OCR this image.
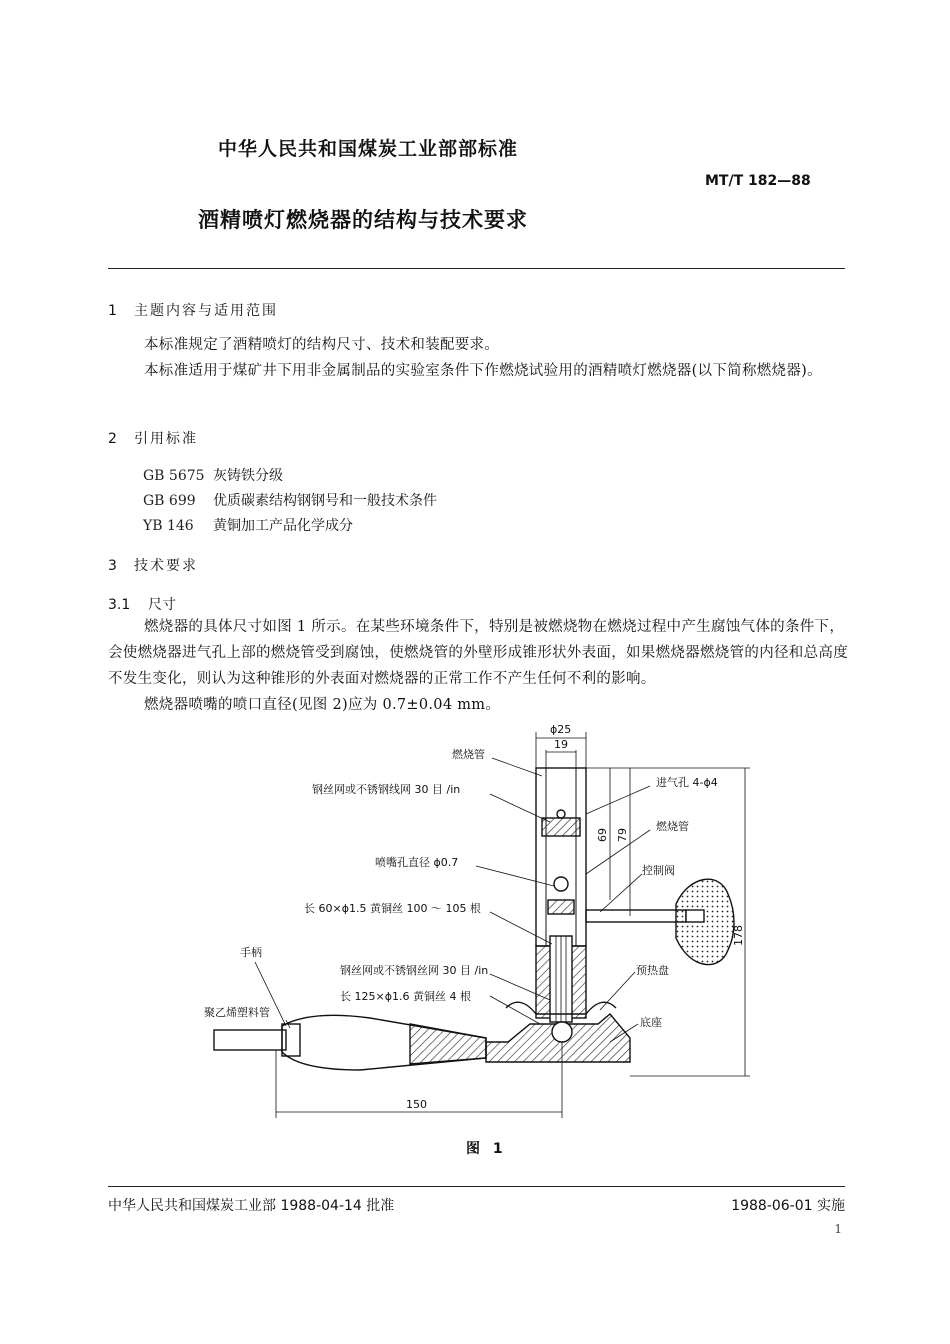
中华人民共和国煤炭工业部部标准
MT/T 182—88
酒精喷灯燃烧器的结构与技术要求
1 主题内容与适用范围
本标准规定了酒精喷灯的结构尺寸、技术和装配要求。
本标准适用于煤矿井下用非金属制品的实验室条件下作燃烧试验用的酒精喷灯燃烧器(以下简称燃烧器)。
2 引用标准
GB 5675 灰铸铁分级
GB 699 优质碳素结构钢钢号和一般技术条件
YB 146 黄铜加工产品化学成分
3 技术要求
3.1 尺寸
燃烧器的具体尺寸如图 1 所示。在某些环境条件下，特别是被燃烧物在燃烧过程中产生腐蚀气体的条件下，会使燃烧器进气孔上部的燃烧管受到腐蚀，使燃烧管的外壁形成锥形状外表面，如果燃烧器燃烧管的内径和总高度不发生变化，则认为这种锥形的外表面对燃烧器的正常工作不产生任何不利的影响。
燃烧器喷嘴的喷口直径(见图 2)应为 0.7±0.04 mm。
燃烧管
钢丝网或不锈钢线网 30 目 /in
喷嘴孔直径 ϕ0.7
长 60×ϕ1.5 黄铜丝 100 ～ 105 根
手柄
钢丝网或不锈钢丝网 30 目 /in
聚乙烯塑料管
长 125×ϕ1.6 黄铜丝 4 根
进气孔 4-ϕ4
燃烧管
控制阀
预热盘
底座
ϕ25
19
69 79
178
150
图 1
中华人民共和国煤炭工业部 1988-04-14 批准	1988-06-01 实施
1
